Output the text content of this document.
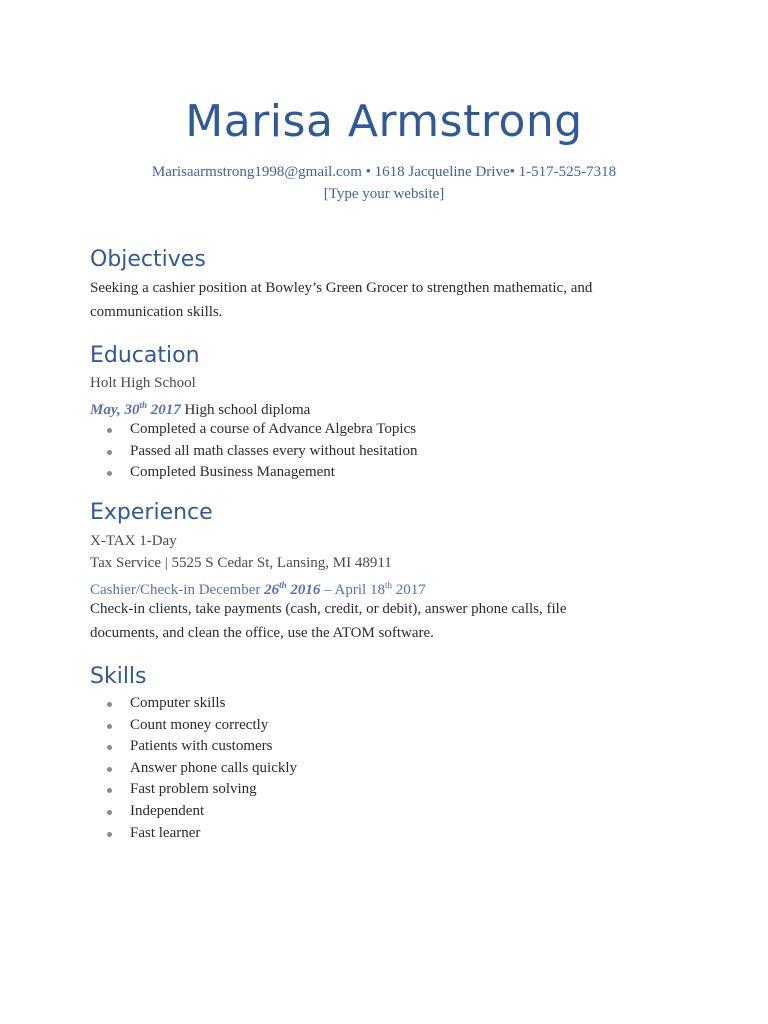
Marisa Armstrong
Marisaarmstrong1998@gmail.com • 1618 Jacqueline Drive• 1-517-525-7318
[Type your website]
Objectives
Seeking a cashier position at Bowley’s Green Grocer to strengthen mathematic, and
communication skills.
Education
Holt High School
May, 30th 2017 High school diploma
Completed a course of Advance Algebra Topics
Passed all math classes every without hesitation
Completed Business Management
Experience
X-TAX 1-Day
Tax Service | 5525 S Cedar St, Lansing, MI 48911
Cashier/Check-in December 26th 2016 – April 18th 2017
Check-in clients, take payments (cash, credit, or debit), answer phone calls, file
documents, and clean the office, use the ATOM software.
Skills
Computer skills
Count money correctly
Patients with customers
Answer phone calls quickly
Fast problem solving
Independent
Fast learner
